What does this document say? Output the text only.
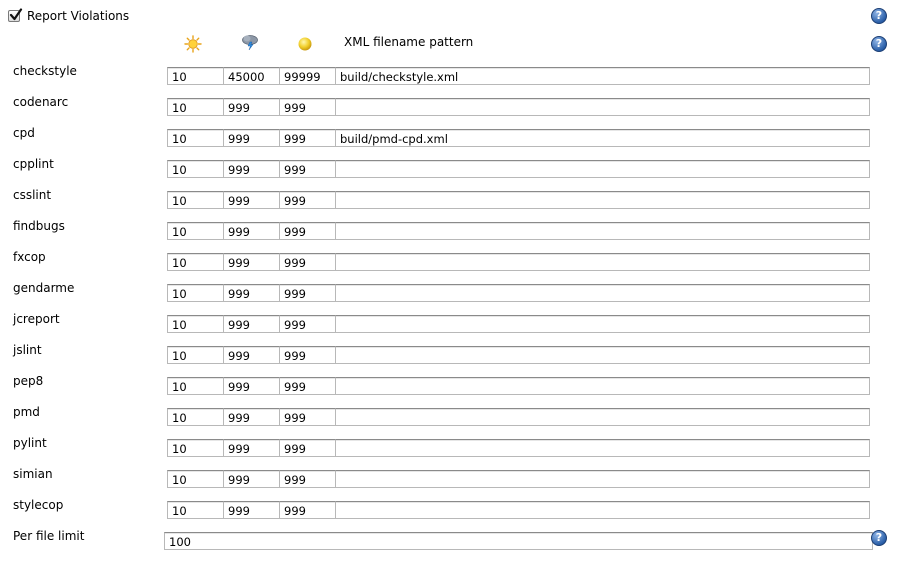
Report Violations	?
XML filename pattern	?
checkstyle	10	45000	99999	build/checkstyle.xml
codenarc	10	999	999
cpd	10	999	999	build/pmd-cpd.xml
cpplint	10	999	999
csslint	10	999	999
findbugs	10	999	999
fxcop	10	999	999
gendarme	10	999	999
jcreport	10	999	999
jslint	10	999	999
pep8	10	999	999
pmd	10	999	999
pylint	10	999	999
simian	10	999	999
stylecop	10	999	999
Per file limit	100	?
